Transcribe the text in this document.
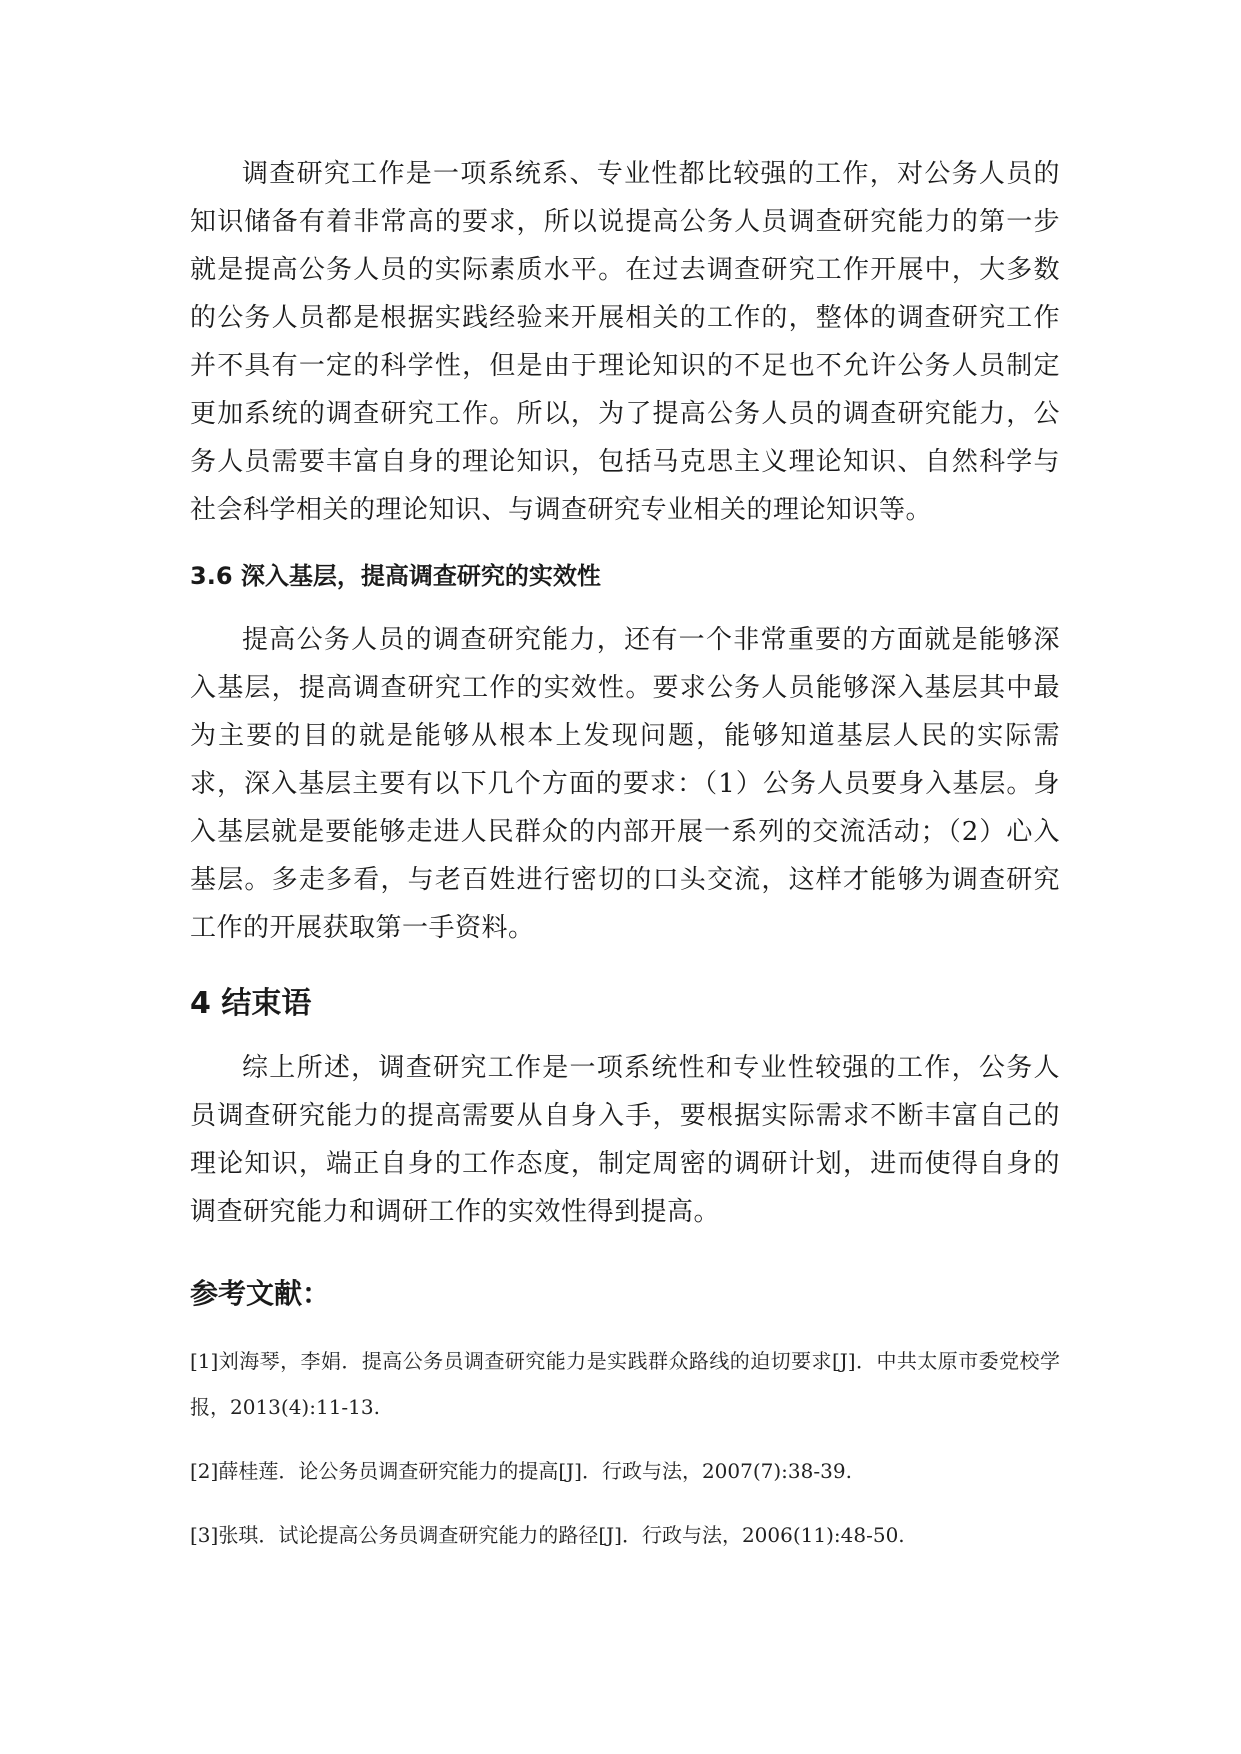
调查研究工作是一项系统系、专业性都比较强的工作，对公务人员的知识储备有着非常高的要求，所以说提高公务人员调查研究能力的第一步就是提高公务人员的实际素质水平。在过去调查研究工作开展中，大多数的公务人员都是根据实践经验来开展相关的工作的，整体的调查研究工作并不具有一定的科学性，但是由于理论知识的不足也不允许公务人员制定更加系统的调查研究工作。所以，为了提高公务人员的调查研究能力，公务人员需要丰富自身的理论知识，包括马克思主义理论知识、自然科学与社会科学相关的理论知识、与调查研究专业相关的理论知识等。

3.6 深入基层，提高调查研究的实效性

提高公务人员的调查研究能力，还有一个非常重要的方面就是能够深入基层，提高调查研究工作的实效性。要求公务人员能够深入基层其中最为主要的目的就是能够从根本上发现问题，能够知道基层人民的实际需求，深入基层主要有以下几个方面的要求：（1）公务人员要身入基层。身入基层就是要能够走进人民群众的内部开展一系列的交流活动；（2）心入基层。多走多看，与老百姓进行密切的口头交流，这样才能够为调查研究工作的开展获取第一手资料。

4 结束语

综上所述，调查研究工作是一项系统性和专业性较强的工作，公务人员调查研究能力的提高需要从自身入手，要根据实际需求不断丰富自己的理论知识，端正自身的工作态度，制定周密的调研计划，进而使得自身的调查研究能力和调研工作的实效性得到提高。

参考文献：

[1]刘海琴，李娟．提高公务员调查研究能力是实践群众路线的迫切要求[J]．中共太原市委党校学报，2013(4):11-13.

[2]薛桂莲．论公务员调查研究能力的提高[J]．行政与法，2007(7):38-39.

[3]张琪．试论提高公务员调查研究能力的路径[J]．行政与法，2006(11):48-50.
